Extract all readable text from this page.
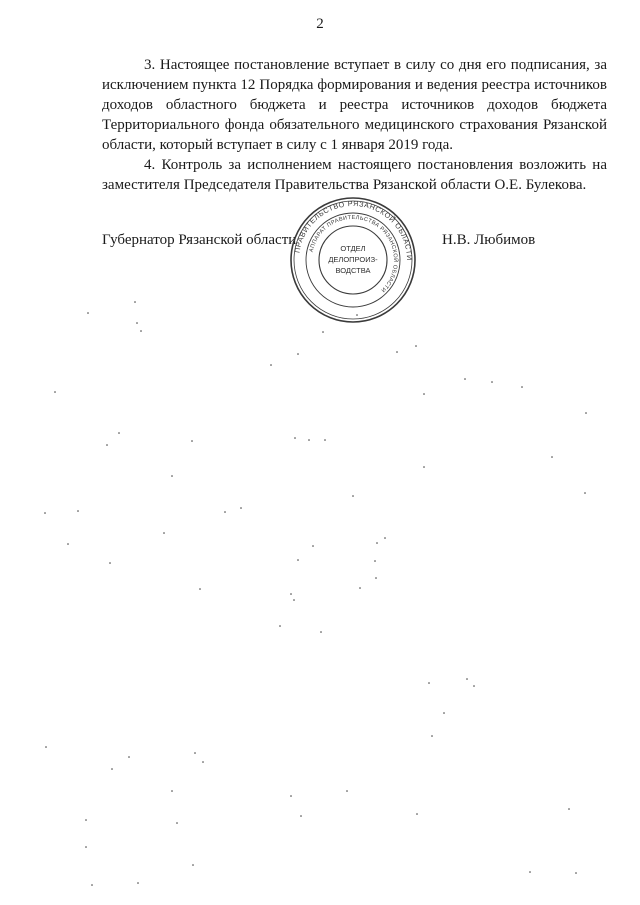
2

3. Настоящее постановление вступает в силу со дня его подписания, за исключением пункта 12 Порядка формирования и ведения реестра источников доходов областного бюджета и реестра источников доходов бюджета Территориального фонда обязательного медицинского страхования Рязанской области, который вступает в силу с 1 января 2019 года.

4. Контроль за исполнением настоящего постановления возложить на заместителя Председателя Правительства Рязанской области О.Е. Булекова.

Губернатор Рязанской области	Н.В. Любимов
ПРАВИТЕЛЬСТВО РЯЗАНСКОЙ ОБЛАСТИ
АППАРАТ ПРАВИТЕЛЬСТВА РЯЗАНСКОЙ ОБЛАСТИ
ОТДЕЛ
ДЕЛОПРОИЗ-
ВОДСТВА
